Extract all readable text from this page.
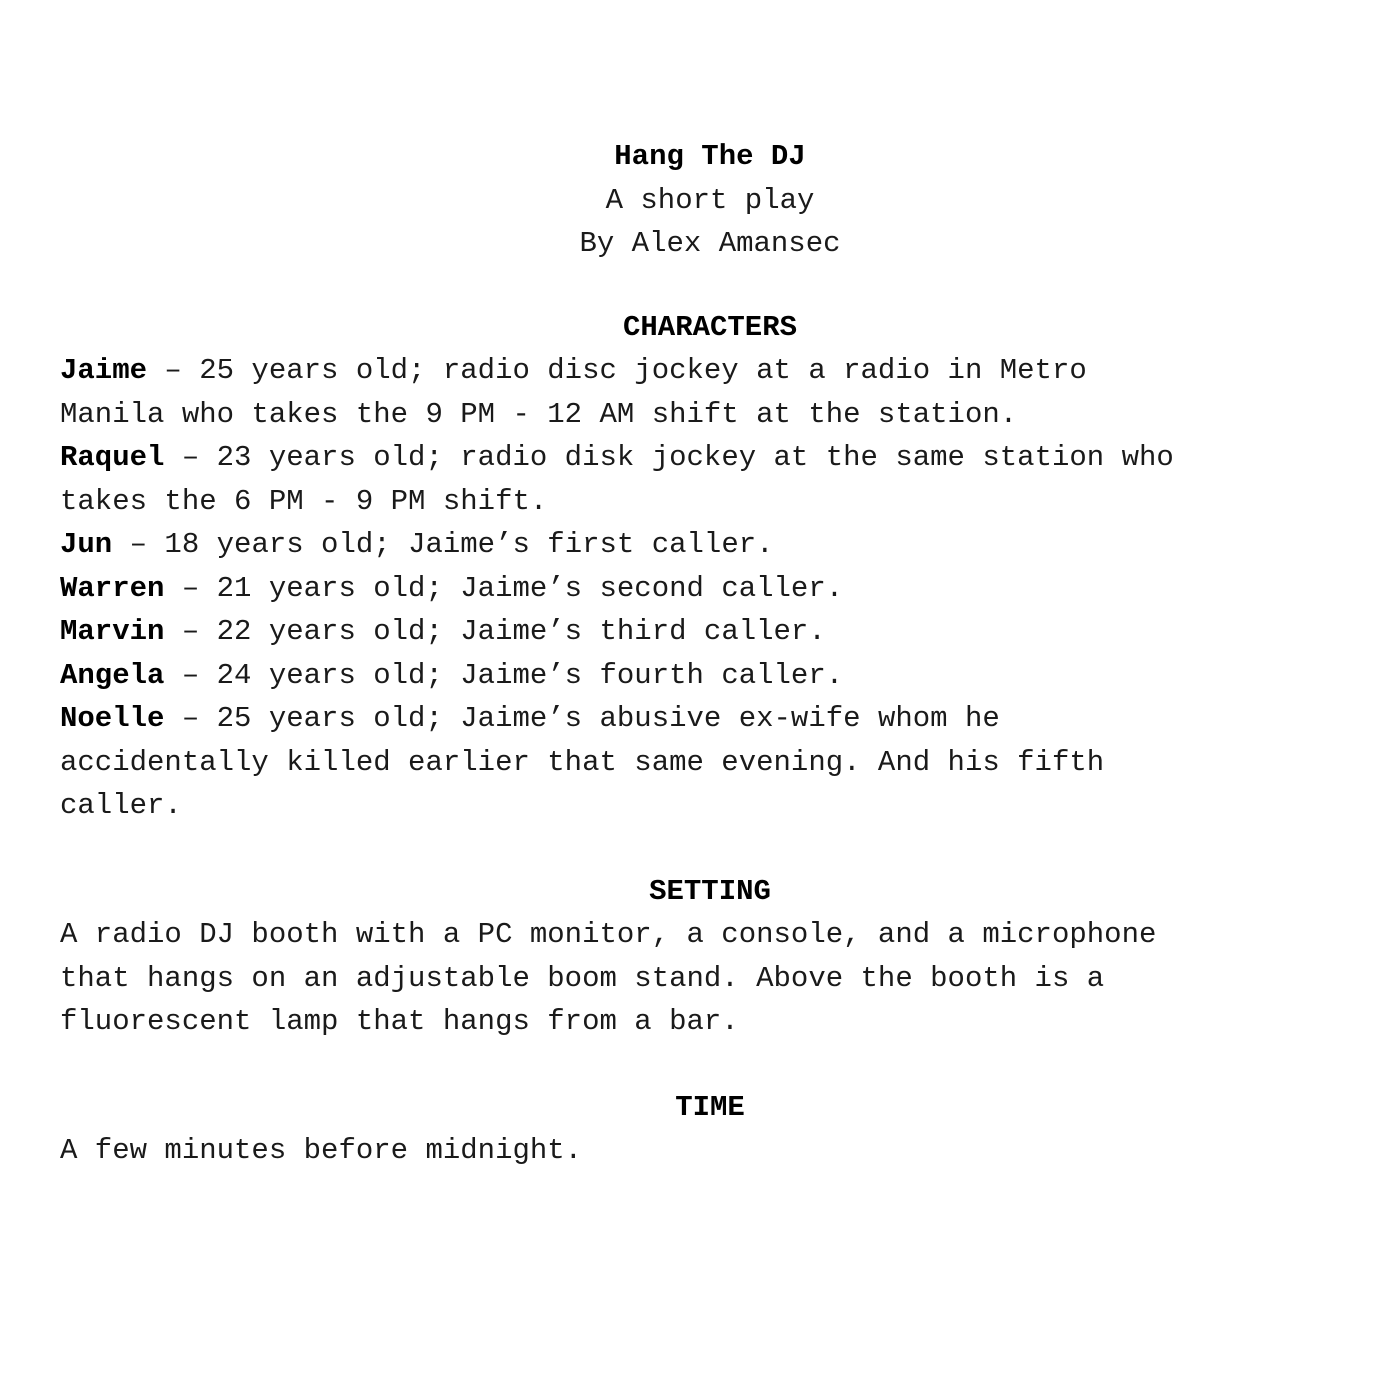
Hang The DJ
A short play
By Alex Amansec
CHARACTERS
Jaime – 25 years old; radio disc jockey at a radio in Metro
Manila who takes the 9 PM - 12 AM shift at the station.
Raquel – 23 years old; radio disk jockey at the same station who
takes the 6 PM - 9 PM shift.
Jun – 18 years old; Jaime’s first caller.
Warren – 21 years old; Jaime’s second caller.
Marvin – 22 years old; Jaime’s third caller.
Angela – 24 years old; Jaime’s fourth caller.
Noelle – 25 years old; Jaime’s abusive ex-wife whom he
accidentally killed earlier that same evening. And his fifth
caller.
SETTING
A radio DJ booth with a PC monitor, a console, and a microphone
that hangs on an adjustable boom stand. Above the booth is a
fluorescent lamp that hangs from a bar.
TIME
A few minutes before midnight.
